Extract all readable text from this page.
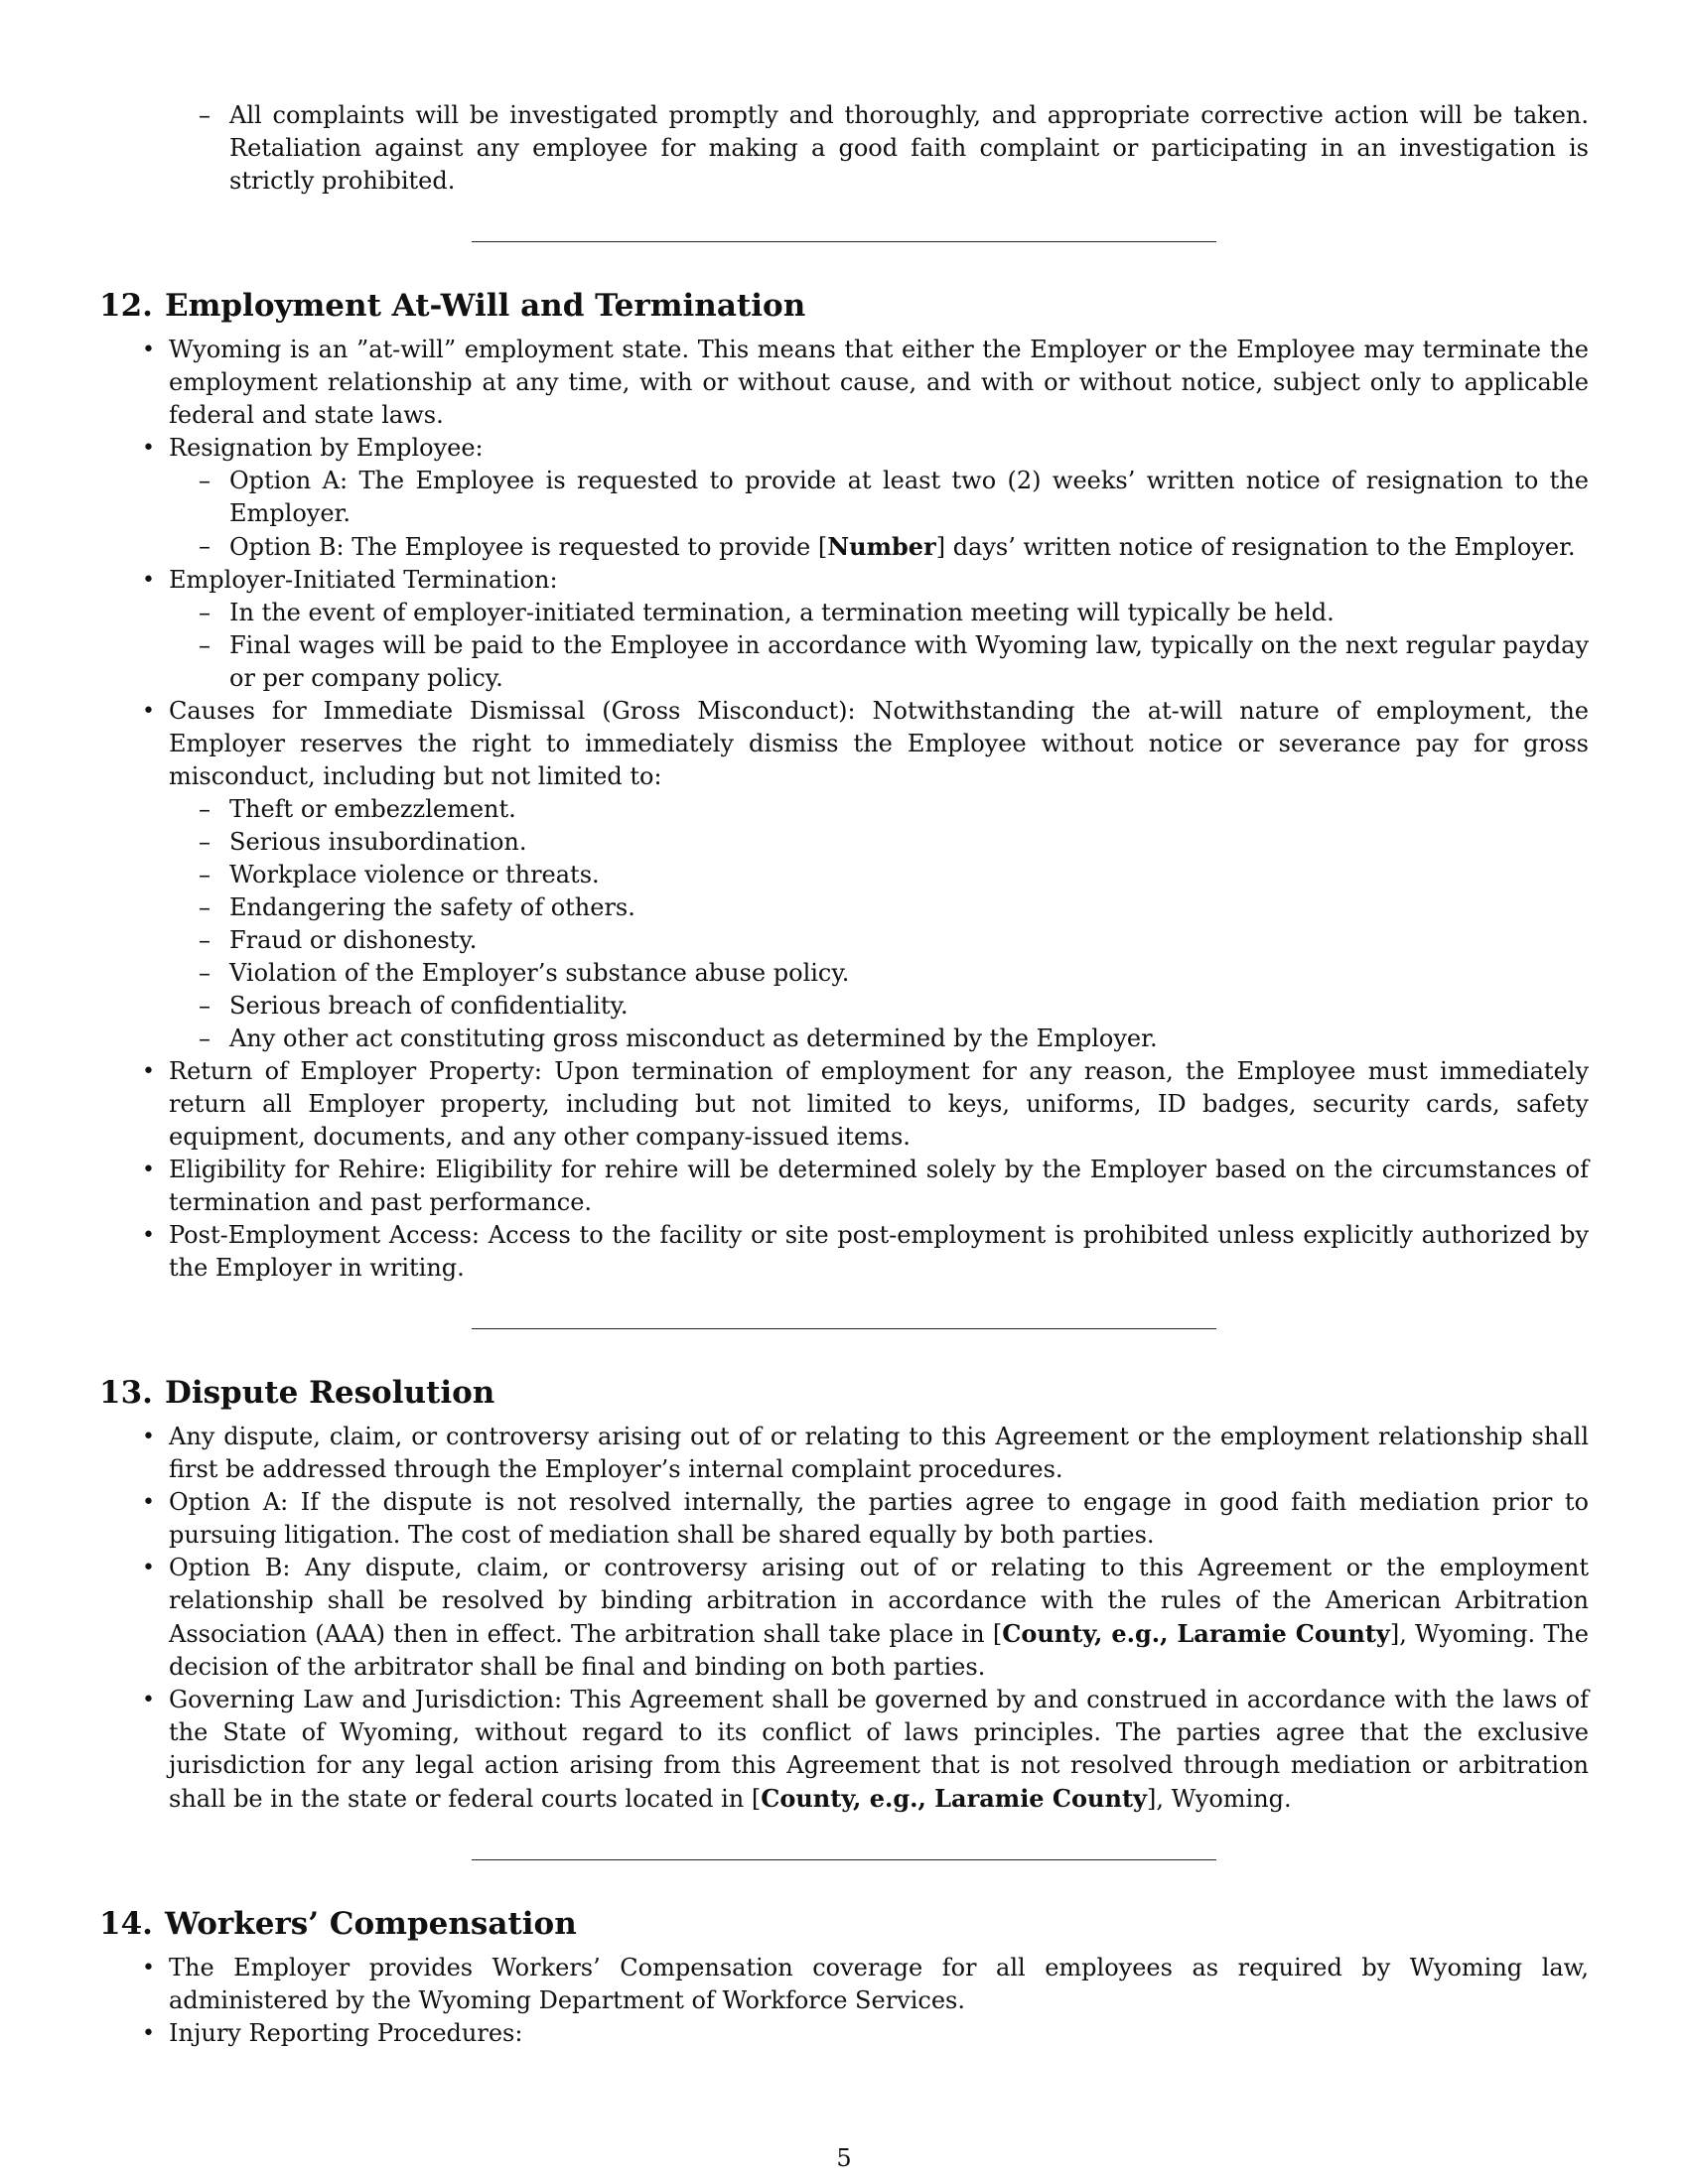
– All complaints will be investigated promptly and thoroughly, and appropriate corrective action will be taken. Retaliation against any employee for making a good faith complaint or participating in an investigation is strictly prohibited.
12. Employment At-Will and Termination
• Wyoming is an ”at-will” employment state. This means that either the Employer or the Employee may terminate the employment relationship at any time, with or without cause, and with or without notice, subject only to applicable federal and state laws.
• Resignation by Employee:
– Option A: The Employee is requested to provide at least two (2) weeks’ written notice of resignation to the Employer.
– Option B: The Employee is requested to provide [Number] days’ written notice of resignation to the Employer.
• Employer-Initiated Termination:
– In the event of employer-initiated termination, a termination meeting will typically be held.
– Final wages will be paid to the Employee in accordance with Wyoming law, typically on the next regular payday or per company policy.
• Causes for Immediate Dismissal (Gross Misconduct): Notwithstanding the at-will nature of employment, the Employer reserves the right to immediately dismiss the Employee without notice or severance pay for gross misconduct, including but not limited to:
– Theft or embezzlement.
– Serious insubordination.
– Workplace violence or threats.
– Endangering the safety of others.
– Fraud or dishonesty.
– Violation of the Employer’s substance abuse policy.
– Serious breach of confidentiality.
– Any other act constituting gross misconduct as determined by the Employer.
• Return of Employer Property: Upon termination of employment for any reason, the Employee must immediately return all Employer property, including but not limited to keys, uniforms, ID badges, security cards, safety equipment, documents, and any other company-issued items.
• Eligibility for Rehire: Eligibility for rehire will be determined solely by the Employer based on the circumstances of termination and past performance.
• Post-Employment Access: Access to the facility or site post-employment is prohibited unless explicitly authorized by the Employer in writing.
13. Dispute Resolution
• Any dispute, claim, or controversy arising out of or relating to this Agreement or the employment relationship shall first be addressed through the Employer’s internal complaint procedures.
• Option A: If the dispute is not resolved internally, the parties agree to engage in good faith mediation prior to pursuing litigation. The cost of mediation shall be shared equally by both parties.
• Option B: Any dispute, claim, or controversy arising out of or relating to this Agreement or the employment relationship shall be resolved by binding arbitration in accordance with the rules of the American Arbitration Association (AAA) then in effect. The arbitration shall take place in [County, e.g., Laramie County], Wyoming. The decision of the arbitrator shall be final and binding on both parties.
• Governing Law and Jurisdiction: This Agreement shall be governed by and construed in accordance with the laws of the State of Wyoming, without regard to its conflict of laws principles. The parties agree that the exclusive jurisdiction for any legal action arising from this Agreement that is not resolved through mediation or arbitration shall be in the state or federal courts located in [County, e.g., Laramie County], Wyoming.
14. Workers’ Compensation
• The Employer provides Workers’ Compensation coverage for all employees as required by Wyoming law, administered by the Wyoming Department of Workforce Services.
• Injury Reporting Procedures:
5
